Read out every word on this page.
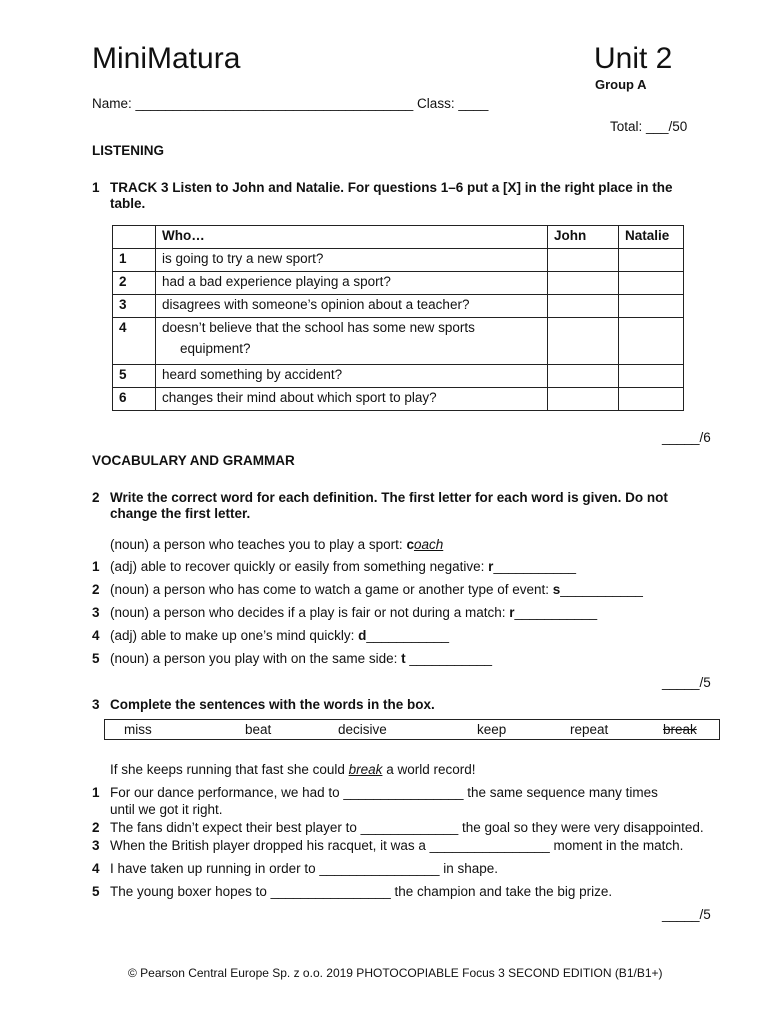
MiniMatura	Unit 2
Group A
Name: _____________________________________ Class: ____
Total: ___/50
LISTENING
1 TRACK 3 Listen to John and Natalie. For questions 1–6 put a [X] in the right place in the
table.
	Who…	John	Natalie
1	is going to try a new sport?		
2	had a bad experience playing a sport?		
3	disagrees with someone’s opinion about a teacher?		
4	doesn’t believe that the school has some new sports
equipment?		

5	heard something by accident?		
6	changes their mind about which sport to play?		
_____/6
VOCABULARY AND GRAMMAR
2 Write the correct word for each definition. The first letter for each word is given. Do not
change the first letter.
(noun) a person who teaches you to play a sport: coach
1 (adj) able to recover quickly or easily from something negative: r___________
2 (noun) a person who has come to watch a game or another type of event: s___________
3 (noun) a person who decides if a play is fair or not during a match: r___________
4 (adj) able to make up one’s mind quickly: d___________
5 (noun) a person you play with on the same side: t ___________
_____/5
3 Complete the sentences with the words in the box.
miss	beat	decisive	keep	repeat	break
If she keeps running that fast she could break a world record!
1 For our dance performance, we had to ________________ the same sequence many times
until we got it right.
2 The fans didn’t expect their best player to _____________ the goal so they were very disappointed.
3 When the British player dropped his racquet, it was a ________________ moment in the match.
4 I have taken up running in order to ________________ in shape.
5 The young boxer hopes to ________________ the champion and take the big prize.
_____/5
© Pearson Central Europe Sp. z o.o. 2019 PHOTOCOPIABLE Focus 3 SECOND EDITION (B1/B1+)
